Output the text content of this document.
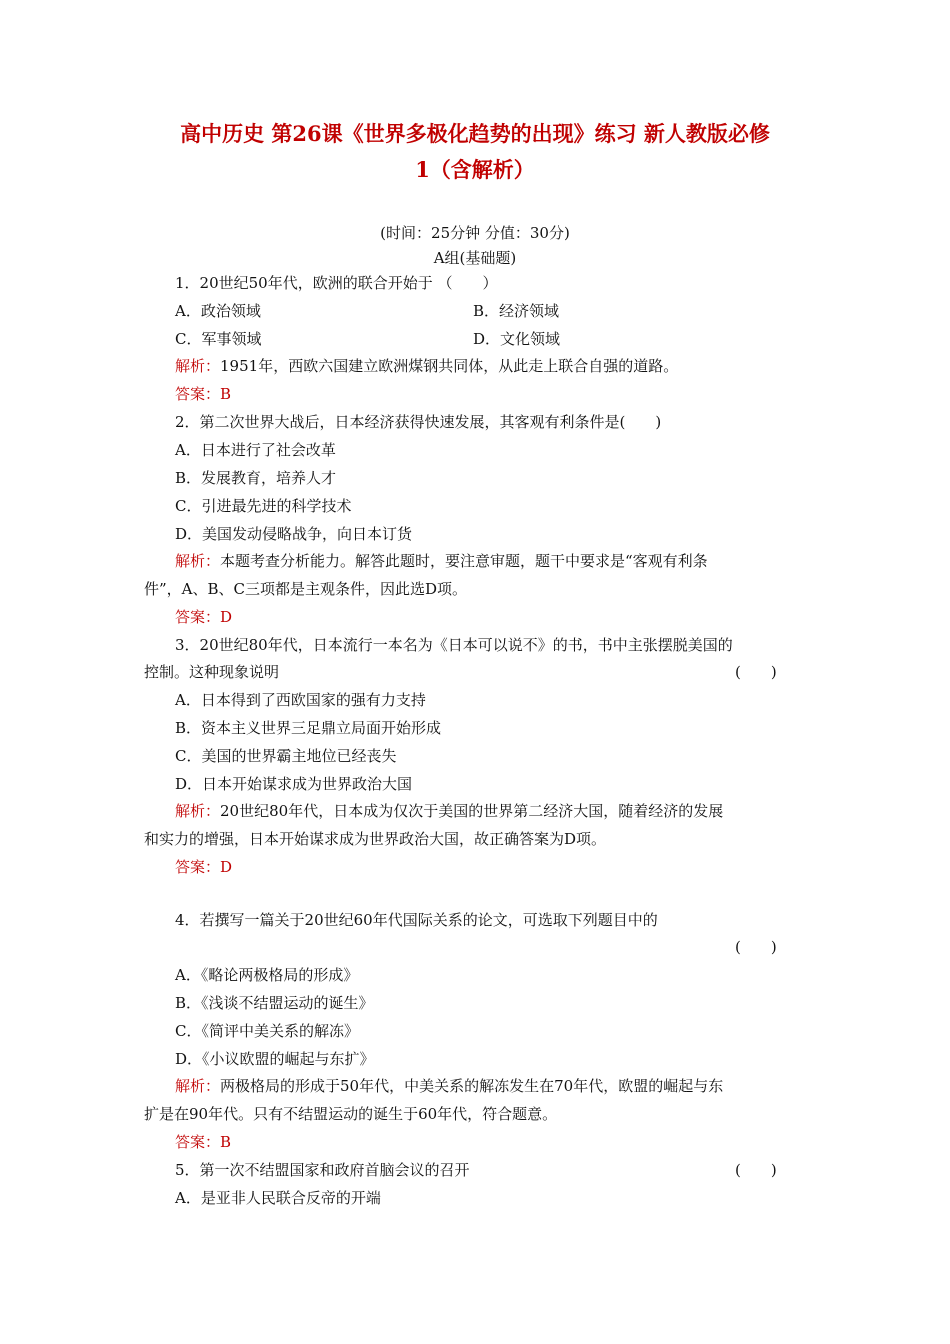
高中历史 第26课《世界多极化趋势的出现》练习 新人教版必修
1（含解析）
(时间：25分钟 分值：30分)
A组(基础题)
1．20世纪50年代，欧洲的联合开始于 （　　）
A．政治领域	B．经济领域
C．军事领域	D．文化领域
解析：1951年，西欧六国建立欧洲煤钢共同体，从此走上联合自强的道路。
答案：B
2．第二次世界大战后，日本经济获得快速发展，其客观有利条件是(　　)
A．日本进行了社会改革
B．发展教育，培养人才
C．引进最先进的科学技术
D．美国发动侵略战争，向日本订货
解析：本题考查分析能力。解答此题时，要注意审题，题干中要求是“客观有利条
件”，A、B、C三项都是主观条件，因此选D项。
答案：D
3．20世纪80年代，日本流行一本名为《日本可以说不》的书，书中主张摆脱美国的
控制。这种现象说明	(　　)
A．日本得到了西欧国家的强有力支持
B．资本主义世界三足鼎立局面开始形成
C．美国的世界霸主地位已经丧失
D．日本开始谋求成为世界政治大国
解析：20世纪80年代，日本成为仅次于美国的世界第二经济大国，随着经济的发展
和实力的增强，日本开始谋求成为世界政治大国，故正确答案为D项。
答案：D
4．若撰写一篇关于20世纪60年代国际关系的论文，可选取下列题目中的
(　　)
A．《略论两极格局的形成》
B．《浅谈不结盟运动的诞生》
C．《简评中美关系的解冻》
D．《小议欧盟的崛起与东扩》
解析：两极格局的形成于50年代，中美关系的解冻发生在70年代，欧盟的崛起与东
扩是在90年代。只有不结盟运动的诞生于60年代，符合题意。
答案：B
5．第一次不结盟国家和政府首脑会议的召开	(　　)
A．是亚非人民联合反帝的开端
